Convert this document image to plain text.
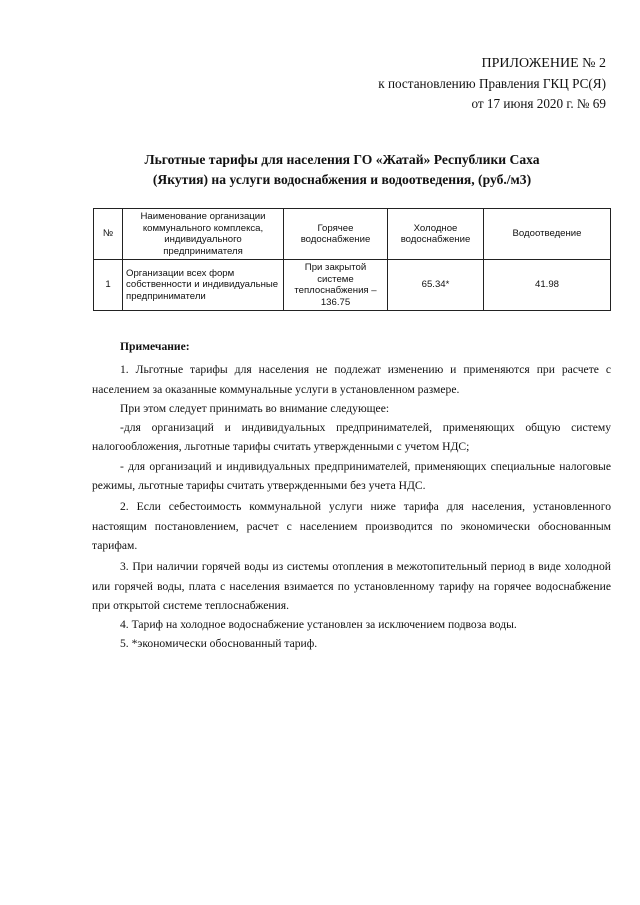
ПРИЛОЖЕНИЕ № 2
к постановлению Правления ГКЦ РС(Я)
от 17 июня 2020 г. № 69
Льготные тарифы для населения ГО «Жатай» Республики Саха
(Якутия) на услуги водоснабжения и водоотведения, (руб./м3)
№	Наименование организации коммунального комплекса, индивидуального предпринимателя	Горячее водоснабжение	Холодное водоснабжение	Водоотведение
1	Организации всех форм собственности и индивидуальные предприниматели	При закрытой системе теплоснабжения – 136.75	65.34*	41.98

Примечание:

1. Льготные тарифы для населения не подлежат изменению и применяются при расчете с населением за оказанные коммунальные услуги в установленном размере.

При этом следует принимать во внимание следующее:

-для организаций и индивидуальных предпринимателей, применяющих общую систему налогообложения, льготные тарифы считать утвержденными с учетом НДС;

- для организаций и индивидуальных предпринимателей, применяющих специальные налоговые режимы, льготные тарифы считать утвержденными без учета НДС.

2. Если себестоимость коммунальной услуги ниже тарифа для населения, установленного настоящим постановлением, расчет с населением производится по экономически обоснованным тарифам.

3. При наличии горячей воды из системы отопления в межотопительный период в виде холодной или горячей воды, плата с населения взимается по установленному тарифу на горячее водоснабжение при открытой системе теплоснабжения.

4. Тариф на холодное водоснабжение установлен за исключением подвоза воды.

5. *экономически обоснованный тариф.
